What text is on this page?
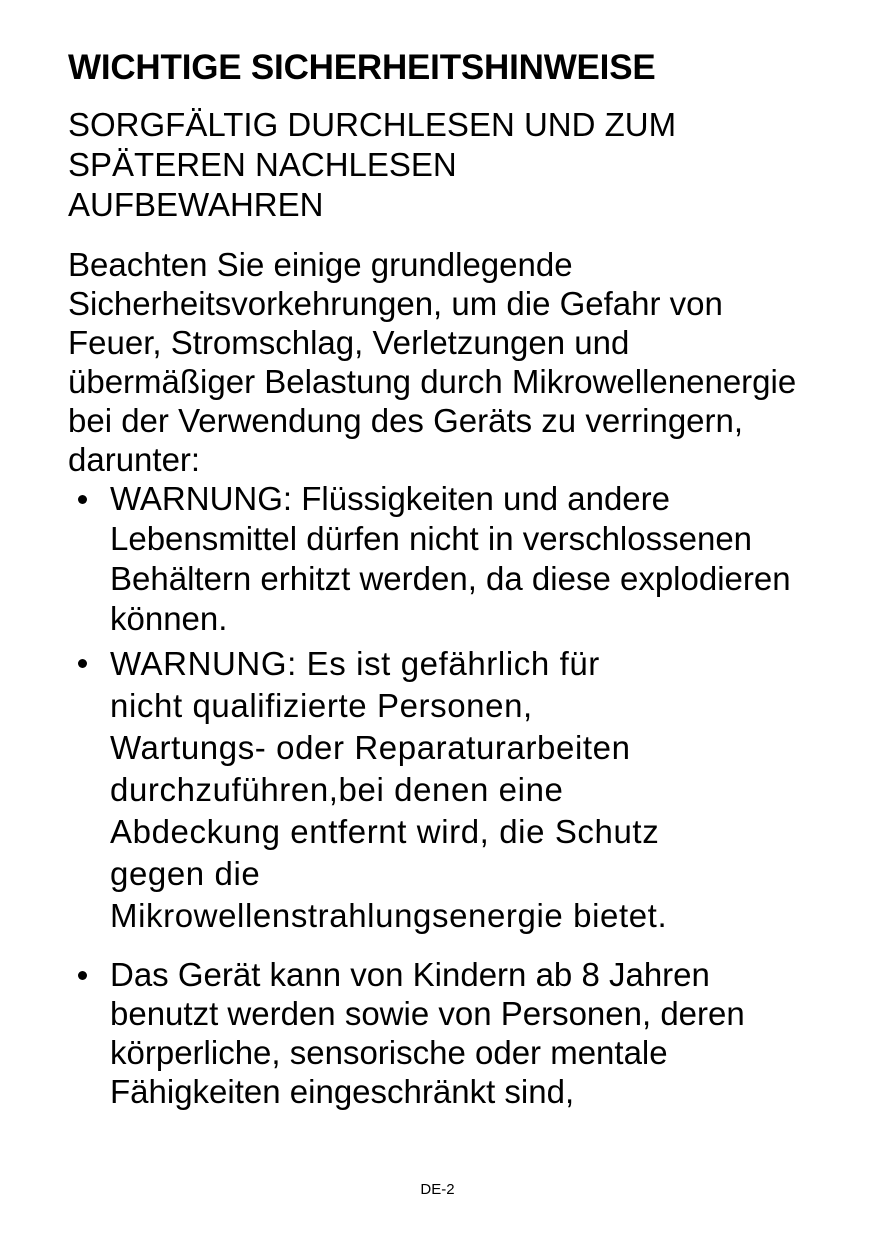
WICHTIGE SICHERHEITSHINWEISE
SORGFÄLTIG DURCHLESEN UND ZUM SPÄTEREN NACHLESEN AUFBEWAHREN

Beachten Sie einige grundlegende Sicherheitsvorkehrungen, um die Gefahr von Feuer, Stromschlag, Verletzungen und übermäßiger Belastung durch Mikrowellenenergie bei der Verwendung des Geräts zu verringern, darunter:

WARNUNG: Flüssigkeiten und andere Lebensmittel dürfen nicht in verschlossenen Behältern erhitzt werden, da diese explodieren können.
WARNUNG: Es ist gefährlich für nicht qualifizierte Personen, Wartungs- oder Reparaturarbeiten durchzuführen,bei denen eine Abdeckung entfernt wird, die Schutz gegen die Mikrowellenstrahlungsenergie bietet.
Das Gerät kann von Kindern ab 8 Jahren benutzt werden sowie von Personen, deren körperliche, sensorische oder mentale Fähigkeiten eingeschränkt sind,
DE-2
